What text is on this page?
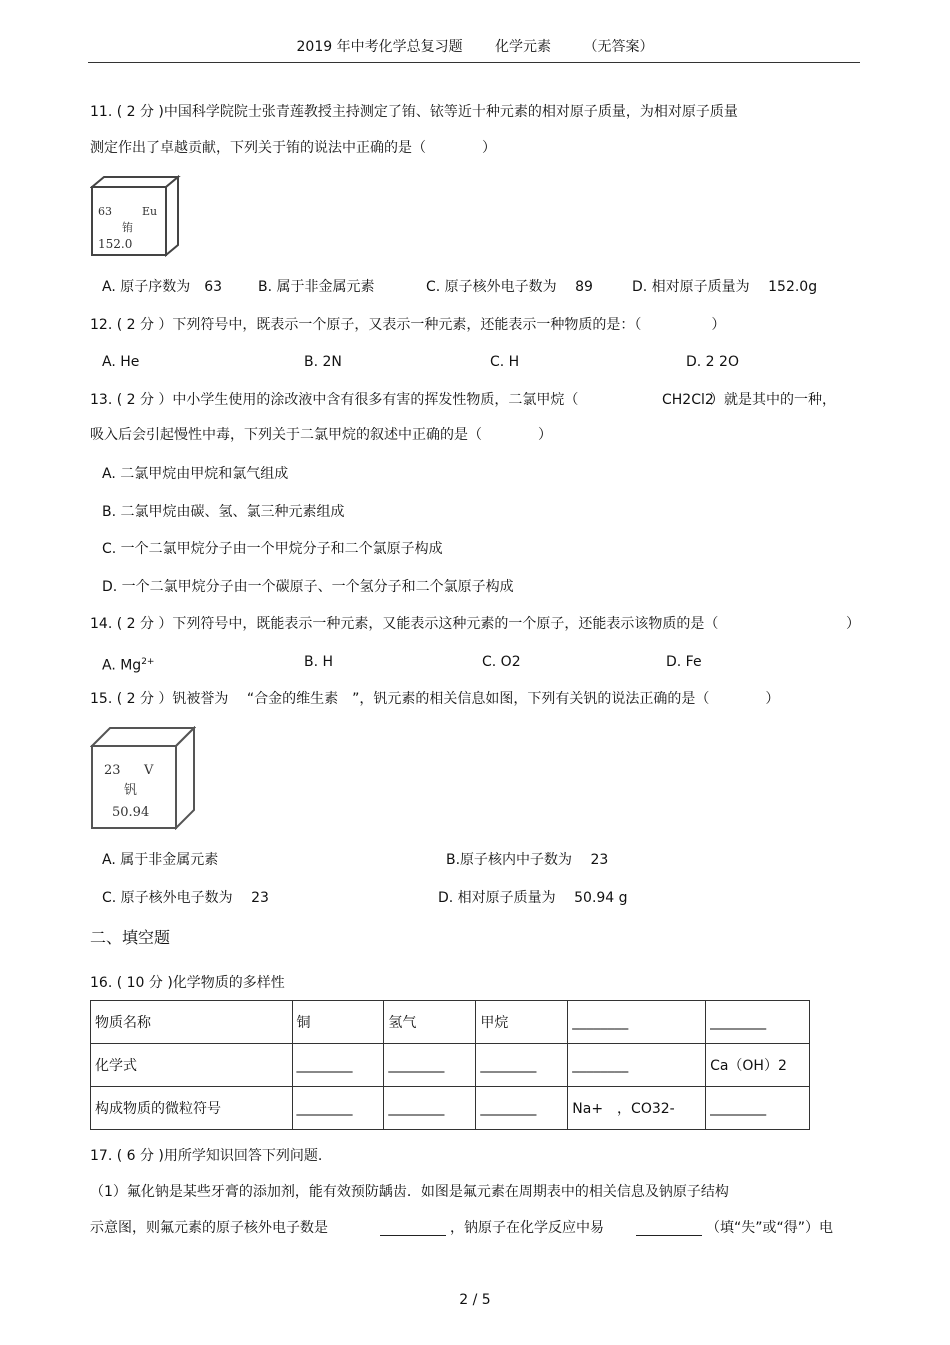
2019 年中考化学总复习题 化学元素 （无答案）
11. ( 2 分 )中国科学院院士张青莲教授主持测定了铕、铱等近十种元素的相对原子质量，为相对原子质量
测定作出了卓越贡献，下列关于铕的说法中正确的是（　　　　）
63	Eu
铕
152.0
A. 原子序数为　63	B. 属于非金属元素	C. 原子核外电子数为　 89	D. 相对原子质量为　 152.0g
12. ( 2 分 ）下列符号中，既表示一个原子，又表示一种元素，还能表示一种物质的是：（　　　　　）
A. He	B. 2N	C. H	D. 2 2O
13. ( 2 分 ）中小学生使用的涂改液中含有很多有害的挥发性物质，二氯甲烷（	CH2Cl2
）就是其中的一种，
吸入后会引起慢性中毒，下列关于二氯甲烷的叙述中正确的是（　　　　）
A. 二氯甲烷由甲烷和氯气组成
B. 二氯甲烷由碳、氢、氯三种元素组成
C. 一个二氯甲烷分子由一个甲烷分子和二个氯原子构成
D. 一个二氯甲烷分子由一个碳原子、一个氢分子和二个氯原子构成
14. ( 2 分 ）下列符号中，既能表示一种元素，又能表示这种元素的一个原子，还能表示该物质的是（	）
A. $Mg^{2+}$	B. H	C. O2	D. Fe
15. ( 2 分 ）钒被誉为　 “合金的维生素　”，钒元素的相关信息如图，下列有关钒的说法正确的是（　　　　）
23 V
钒
50.94
A. 属于非金属元素	B.原子核内中子数为　 23
C. 原子核外电子数为　 23	D. 相对原子质量为　 50.94 g
二、填空题
16. ( 10 分 )化学物质的多样性
物质名称	铜	氢气	甲烷	________	________
化学式	________	________	________	________	Ca（OH）2
构成物质的微粒符号	________	________	________	Na+　，CO32-	________
17. ( 6 分 )用所学知识回答下列问题.
（1）氟化钠是某些牙膏的添加剂，能有效预防龋齿．如图是氟元素在周期表中的相关信息及钠原子结构
示意图，则氟元素的原子核外电子数是	，钠原子在化学反应中易	（填“失”或“得”）电
2 / 5
